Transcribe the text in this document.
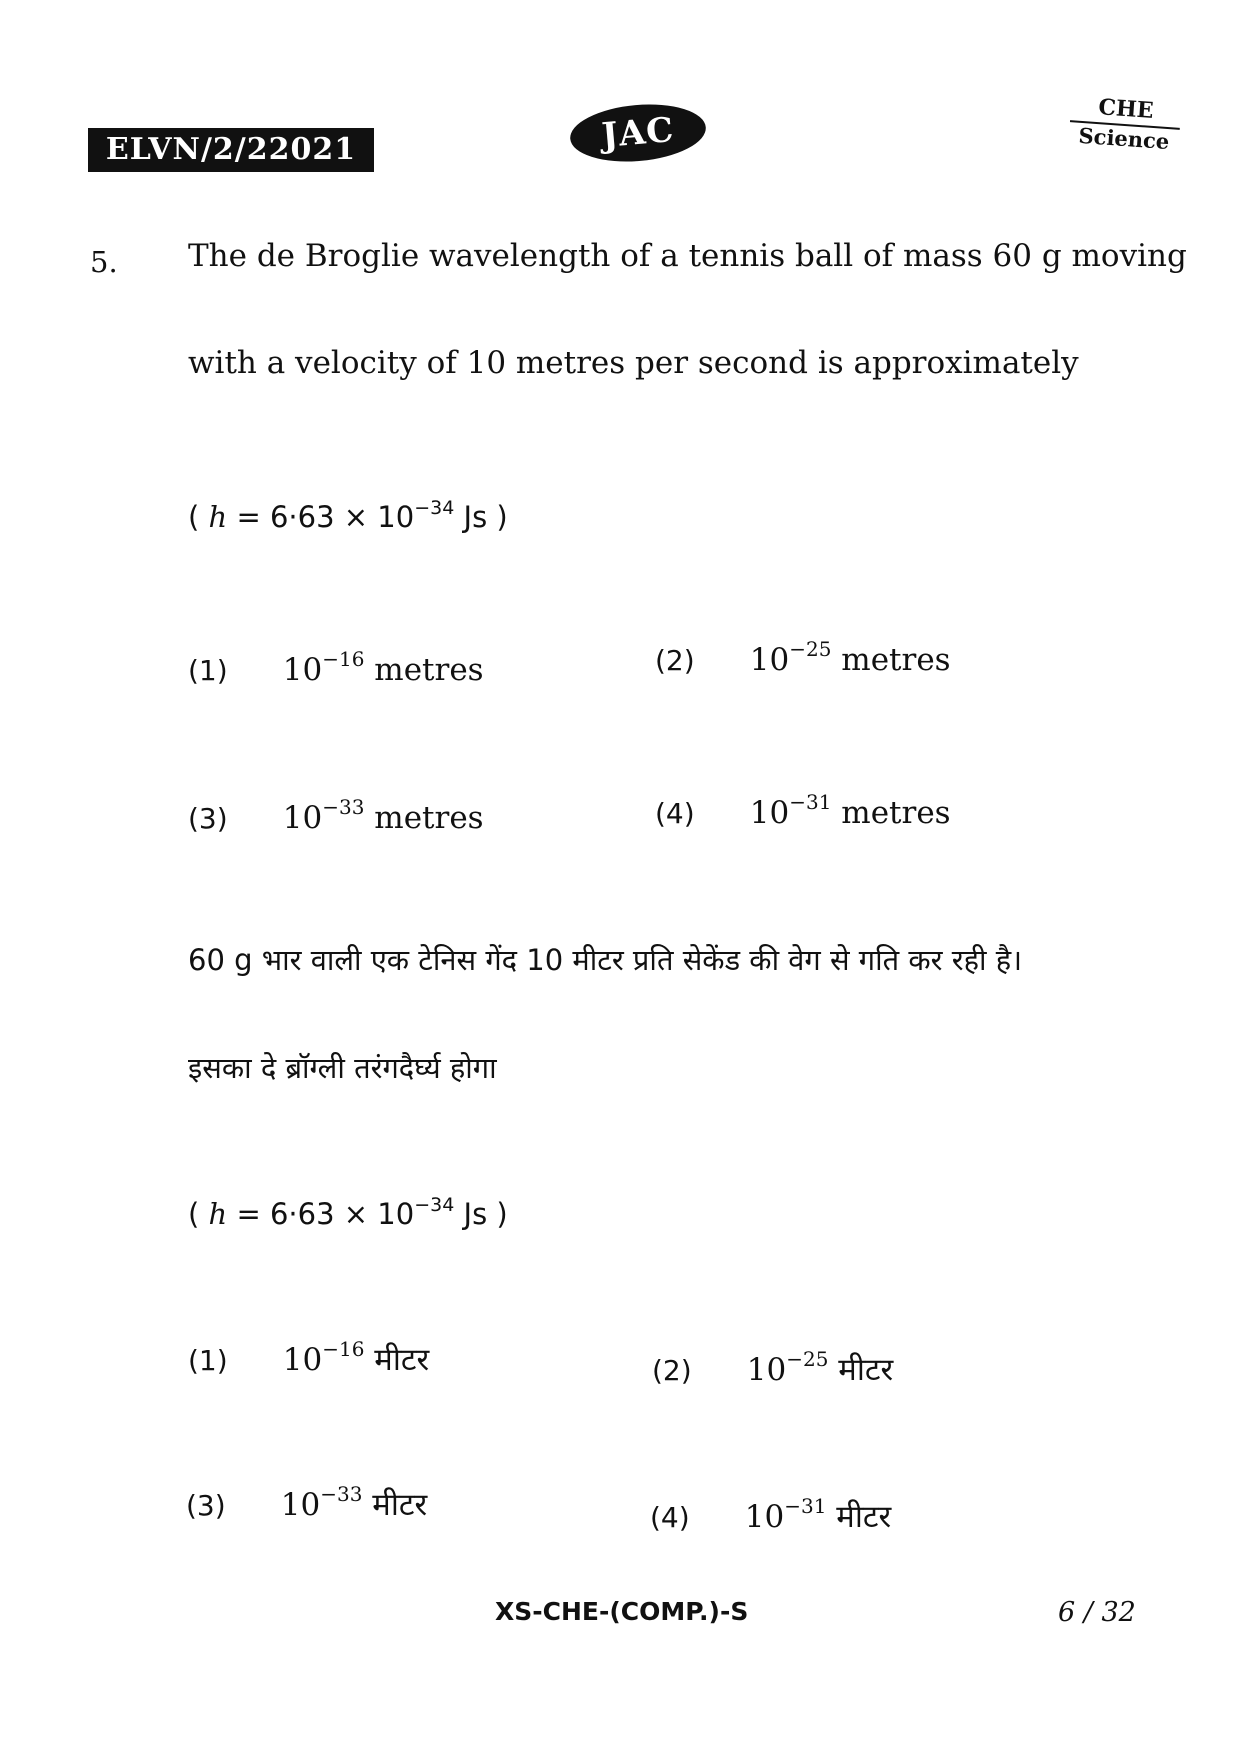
ELVN/2/22021	JAC
CHE
Science
5. The de Broglie wavelength of a tennis ball of mass 60 g moving
with a velocity of 10 metres per second is approximately
( $h = 6\cdot 63 \times 10^{-34}$ Js )
(1) $10^{-16}$ metres	(2) $10^{-25}$ metres
(3) $10^{-33}$ metres	(4) $10^{-31}$ metres
60 g भार वाली एक टेनिस गेंद 10 मीटर प्रति सेकेंड की वेग से गति कर रही है।
इसका दे ब्रॉग्ली तरंगदैर्घ्य होगा
( $h = 6\cdot 63 \times 10^{-34}$ Js )
(1) $10^{-16}$ मीटर	(2) $10^{-25}$ मीटर
(3) $10^{-33}$ मीटर	(4) $10^{-31}$ मीटर
XS-CHE-(COMP.)-S	6 / 32
